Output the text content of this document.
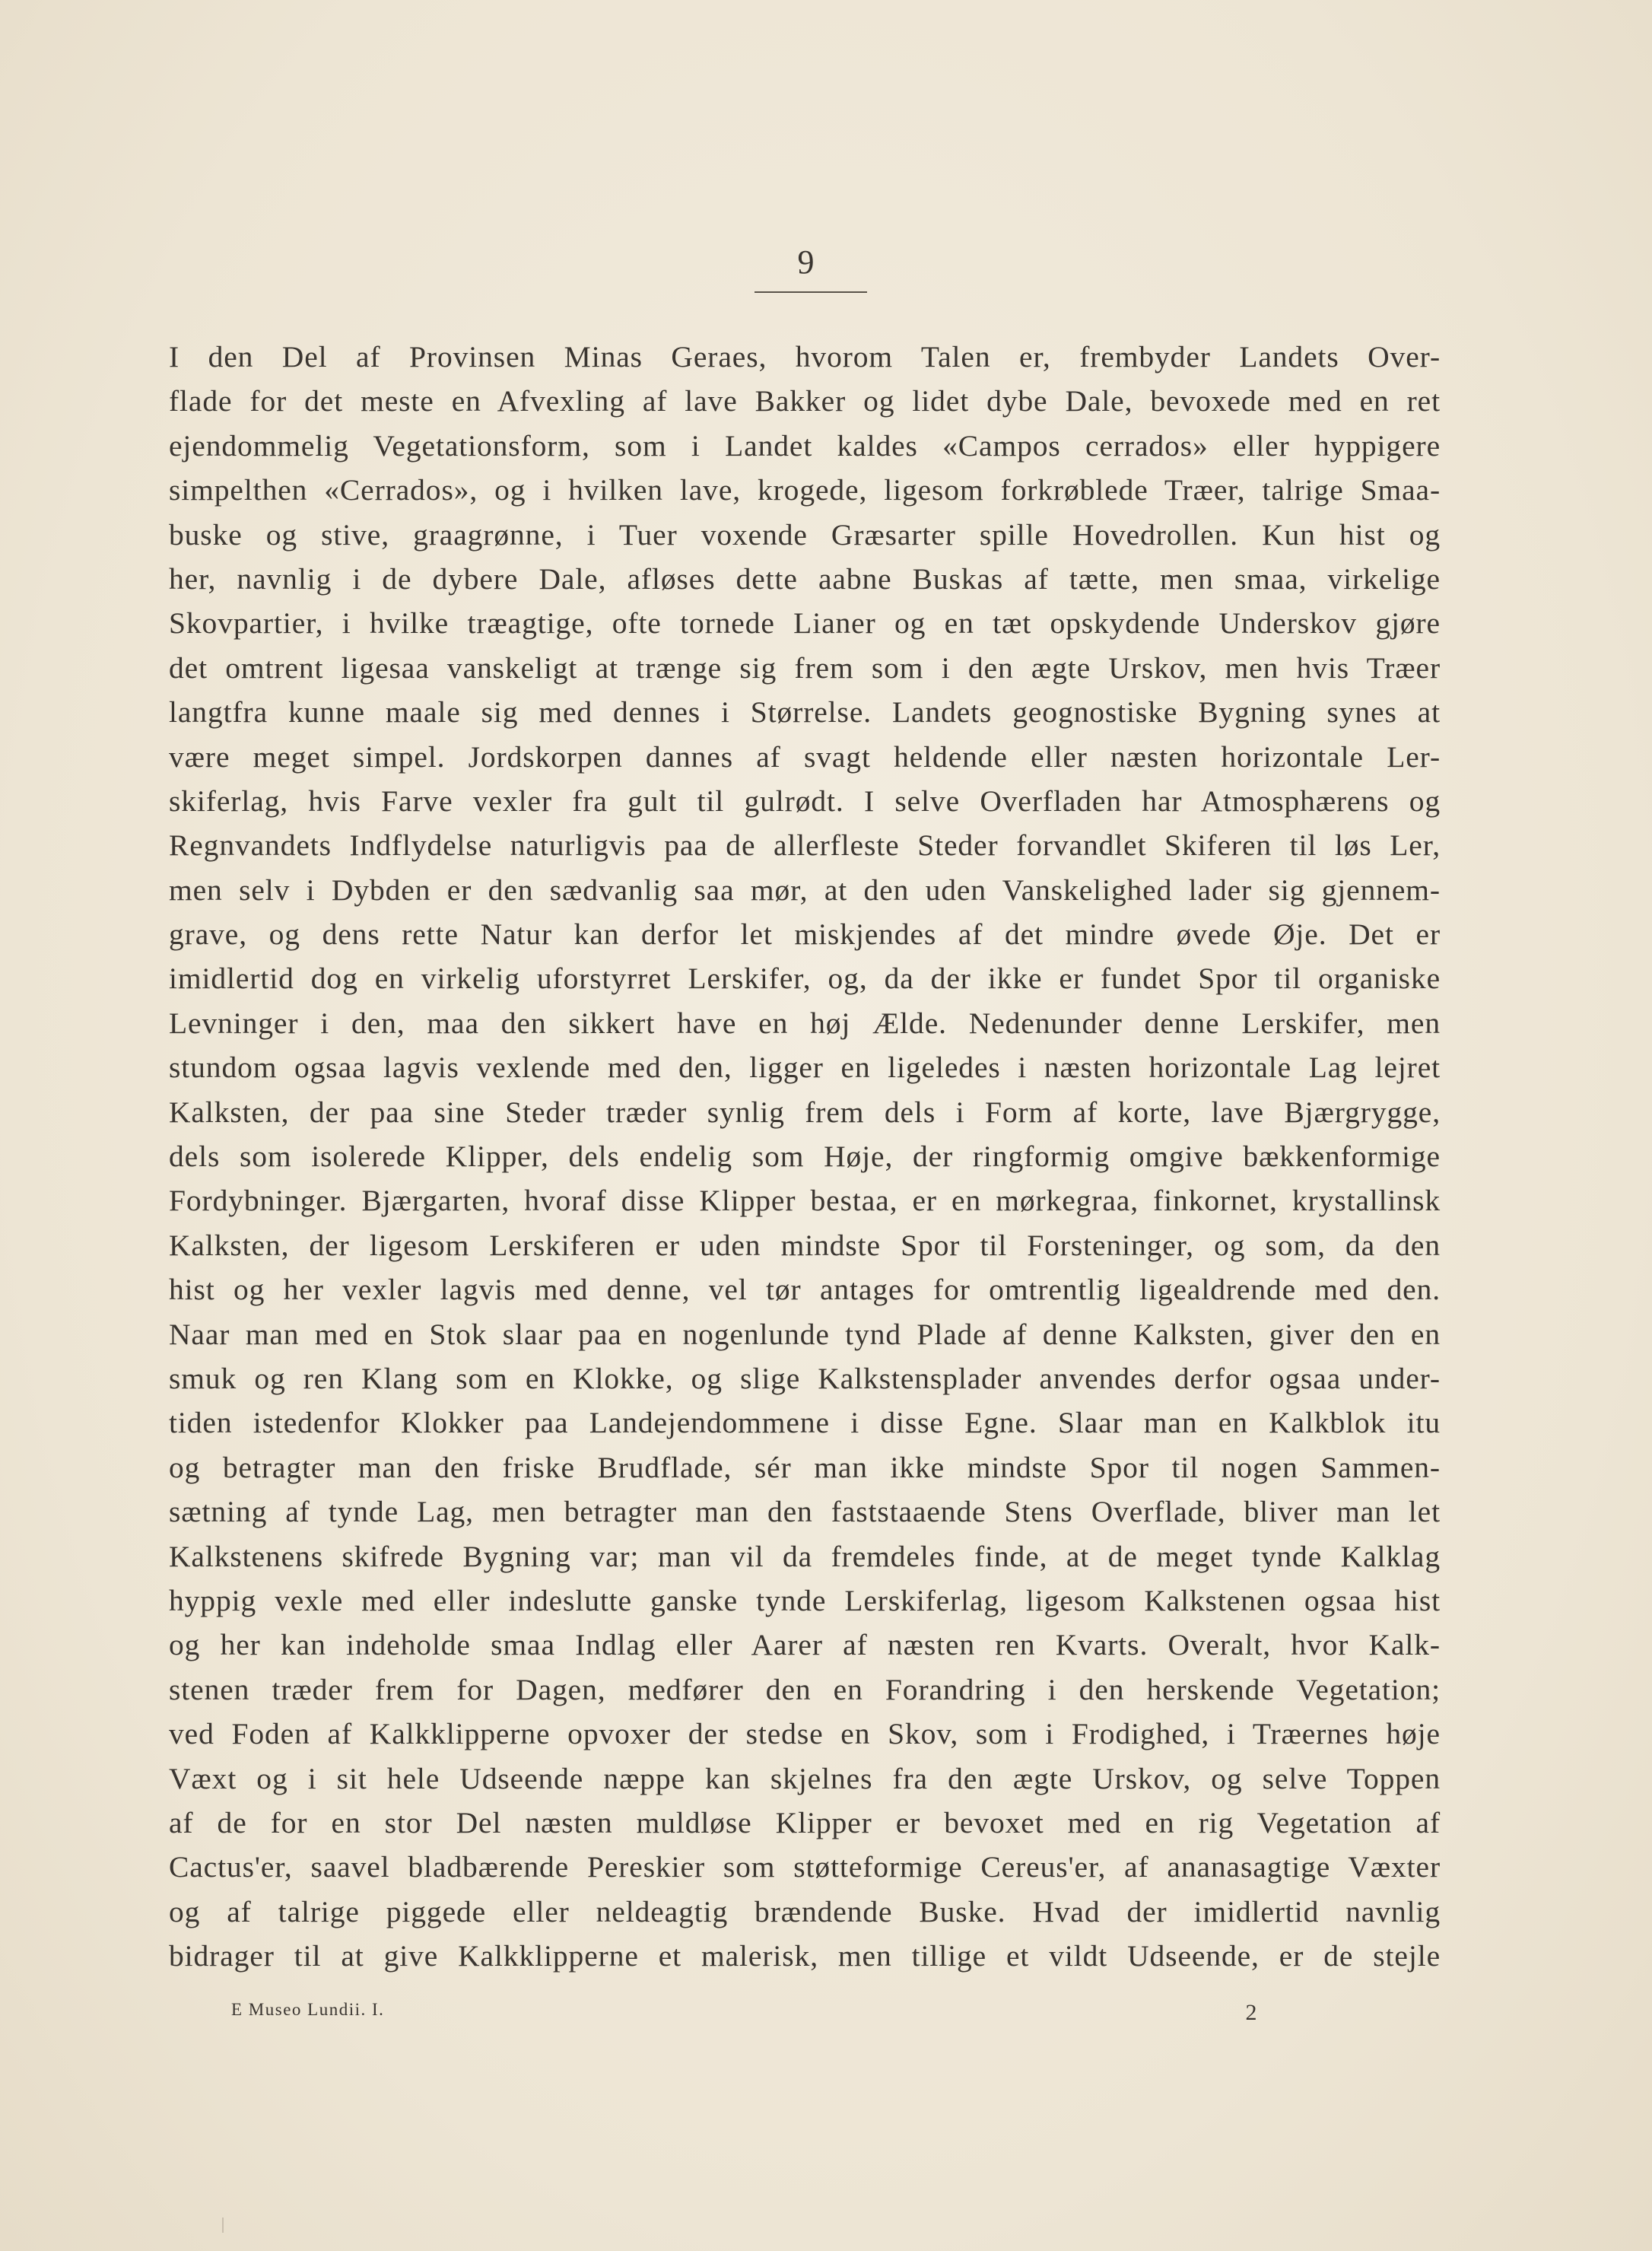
9
I den Del af Provinsen Minas Geraes, hvorom Talen er, frembyder Landets Over-
flade for det meste en Afvexling af lave Bakker og lidet dybe Dale, bevoxede med en ret
ejendommelig Vegetationsform, som i Landet kaldes «Campos cerrados» eller hyppigere
simpelthen «Cerrados», og i hvilken lave, krogede, ligesom forkrøblede Træer, talrige Smaa-
buske og stive, graagrønne, i Tuer voxende Græsarter spille Hovedrollen. Kun hist og
her, navnlig i de dybere Dale, afløses dette aabne Buskas af tætte, men smaa, virkelige
Skovpartier, i hvilke træagtige, ofte tornede Lianer og en tæt opskydende Underskov gjøre
det omtrent ligesaa vanskeligt at trænge sig frem som i den ægte Urskov, men hvis Træer
langtfra kunne maale sig med dennes i Størrelse. Landets geognostiske Bygning synes at
være meget simpel. Jordskorpen dannes af svagt heldende eller næsten horizontale Ler-
skiferlag, hvis Farve vexler fra gult til gulrødt. I selve Overfladen har Atmosphærens og
Regnvandets Indflydelse naturligvis paa de allerfleste Steder forvandlet Skiferen til løs Ler,
men selv i Dybden er den sædvanlig saa mør, at den uden Vanskelighed lader sig gjennem-
grave, og dens rette Natur kan derfor let miskjendes af det mindre øvede Øje. Det er
imidlertid dog en virkelig uforstyrret Lerskifer, og, da der ikke er fundet Spor til organiske
Levninger i den, maa den sikkert have en høj Ælde. Nedenunder denne Lerskifer, men
stundom ogsaa lagvis vexlende med den, ligger en ligeledes i næsten horizontale Lag lejret
Kalksten, der paa sine Steder træder synlig frem dels i Form af korte, lave Bjærgrygge,
dels som isolerede Klipper, dels endelig som Høje, der ringformig omgive bækkenformige
Fordybninger. Bjærgarten, hvoraf disse Klipper bestaa, er en mørkegraa, finkornet, krystallinsk
Kalksten, der ligesom Lerskiferen er uden mindste Spor til Forsteninger, og som, da den
hist og her vexler lagvis med denne, vel tør antages for omtrentlig ligealdrende med den.
Naar man med en Stok slaar paa en nogenlunde tynd Plade af denne Kalksten, giver den en
smuk og ren Klang som en Klokke, og slige Kalkstensplader anvendes derfor ogsaa under-
tiden istedenfor Klokker paa Landejendommene i disse Egne. Slaar man en Kalkblok itu
og betragter man den friske Brudflade, sér man ikke mindste Spor til nogen Sammen-
sætning af tynde Lag, men betragter man den faststaaende Stens Overflade, bliver man let
Kalkstenens skifrede Bygning var; man vil da fremdeles finde, at de meget tynde Kalklag
hyppig vexle med eller indeslutte ganske tynde Lerskiferlag, ligesom Kalkstenen ogsaa hist
og her kan indeholde smaa Indlag eller Aarer af næsten ren Kvarts. Overalt, hvor Kalk-
stenen træder frem for Dagen, medfører den en Forandring i den herskende Vegetation;
ved Foden af Kalkklipperne opvoxer der stedse en Skov, som i Frodighed, i Træernes høje
Væxt og i sit hele Udseende næppe kan skjelnes fra den ægte Urskov, og selve Toppen
af de for en stor Del næsten muldløse Klipper er bevoxet med en rig Vegetation af
Cactus'er, saavel bladbærende Pereskier som støtteformige Cereus'er, af ananasagtige Væxter
og af talrige piggede eller neldeagtig brændende Buske. Hvad der imidlertid navnlig
bidrager til at give Kalkklipperne et malerisk, men tillige et vildt Udseende, er de stejle
E Museo Lundii. I.	2
